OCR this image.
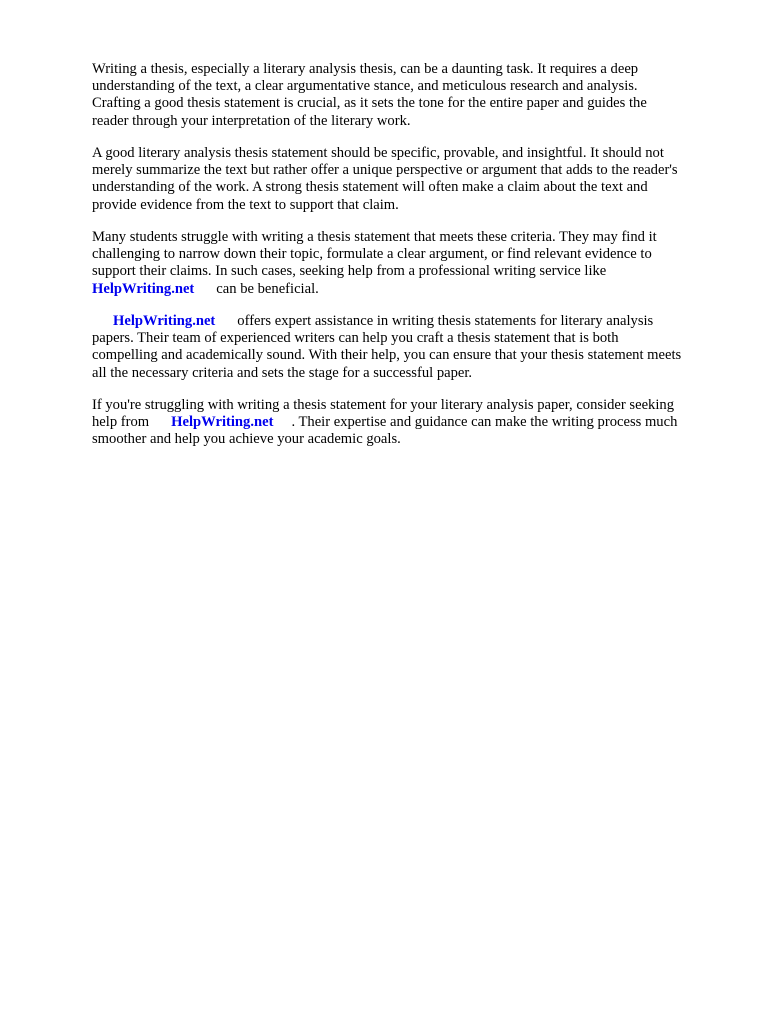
Writing a thesis, especially a literary analysis thesis, can be a daunting task. It requires a deep
understanding of the text, a clear argumentative stance, and meticulous research and analysis.
Crafting a good thesis statement is crucial, as it sets the tone for the entire paper and guides the
reader through your interpretation of the literary work.

A good literary analysis thesis statement should be specific, provable, and insightful. It should not
merely summarize the text but rather offer a unique perspective or argument that adds to the reader's
understanding of the work. A strong thesis statement will often make a claim about the text and
provide evidence from the text to support that claim.

Many students struggle with writing a thesis statement that meets these criteria. They may find it
challenging to narrow down their topic, formulate a clear argument, or find relevant evidence to
support their claims. In such cases, seeking help from a professional writing service like
HelpWriting.net can be beneficial.

HelpWriting.net offers expert assistance in writing thesis statements for literary analysis
papers. Their team of experienced writers can help you craft a thesis statement that is both
compelling and academically sound. With their help, you can ensure that your thesis statement meets
all the necessary criteria and sets the stage for a successful paper.

If you're struggling with writing a thesis statement for your literary analysis paper, consider seeking
help from HelpWriting.net . Their expertise and guidance can make the writing process much
smoother and help you achieve your academic goals.
